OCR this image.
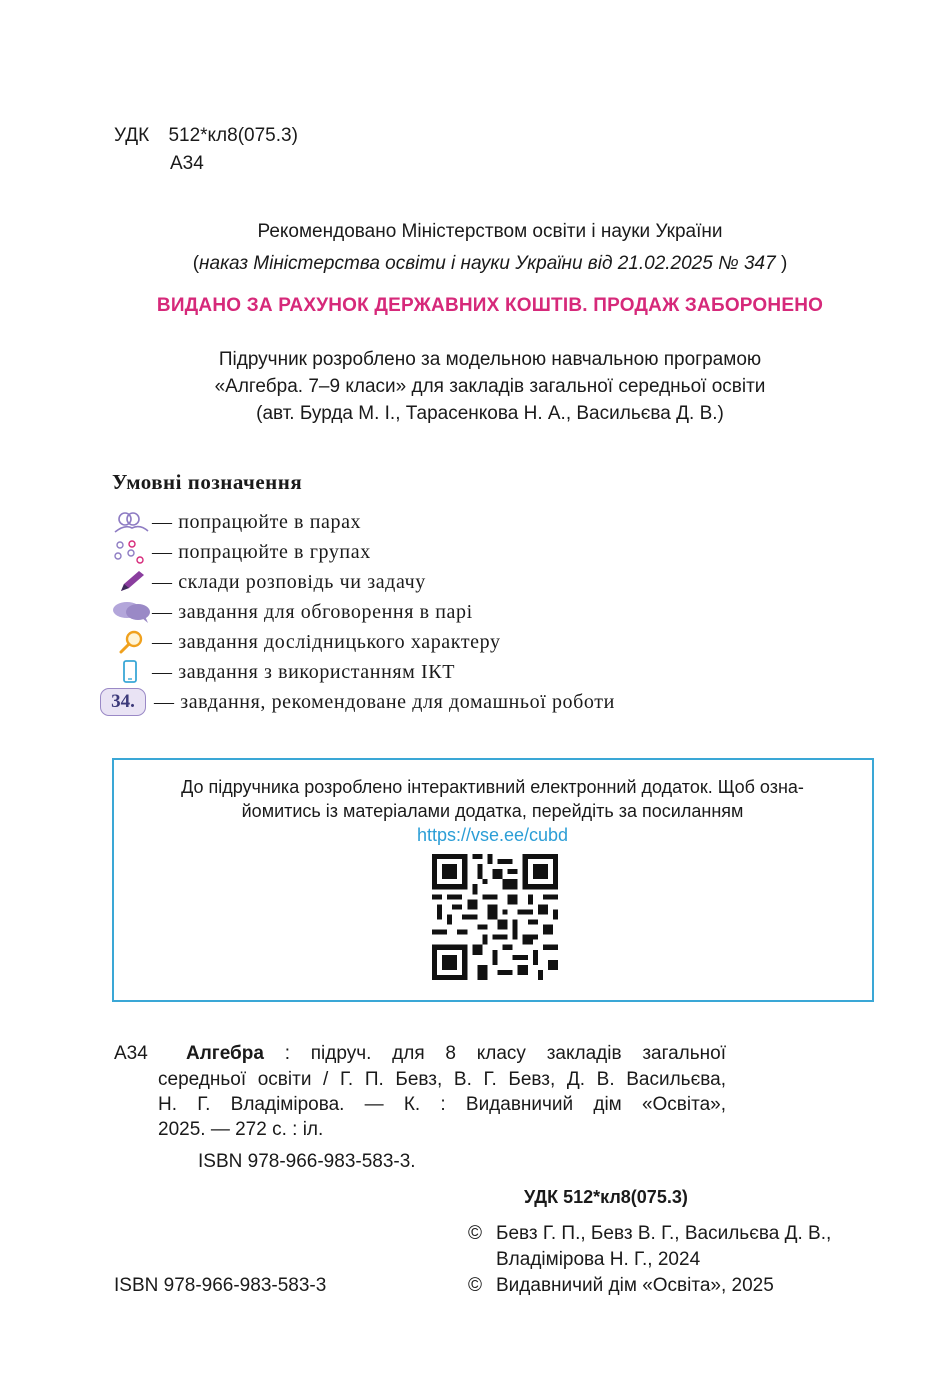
УДК 512*кл8(075.3)
А34
Рекомендовано Міністерством освіти і науки України
(наказ Міністерства освіти і науки України від 21.02.2025 № 347 )
ВИДАНО ЗА РАХУНОК ДЕРЖАВНИХ КОШТІВ. ПРОДАЖ ЗАБОРОНЕНО
Підручник розроблено за модельною навчальною програмою
«Алгебра. 7–9 класи» для закладів загальної середньої освіти
(авт. Бурда М. І., Тарасенкова Н. А., Васильєва Д. В.)
Умовні позначення
— попрацюйте в парах
— попрацюйте в групах
— склади розповідь чи задачу
— завдання для обговорення в парі
— завдання дослідницького характеру
— завдання з використанням ІКТ
34. — завдання, рекомендоване для домашньої роботи
До підручника розроблено інтерактивний електронний додаток. Щоб озна-
йомитись із матеріалами додатка, перейдіть за посиланням
https://vse.ee/cubd
А34 Алгебра : підруч. для 8 класу закладів загальної
середньої освіти / Г. П. Бевз, В. Г. Бевз, Д. В. Васильєва,
Н. Г. Владімірова. — К. : Видавничий дім «Освіта»,
2025. — 272 с. : іл.
ISBN 978-966-983-583-3.
УДК 512*кл8(075.3)
© Бевз Г. П., Бевз В. Г., Васильєва Д. В.,
Владімірова Н. Г., 2024
ISBN 978-966-983-583-3	© Видавничий дім «Освіта», 2025
